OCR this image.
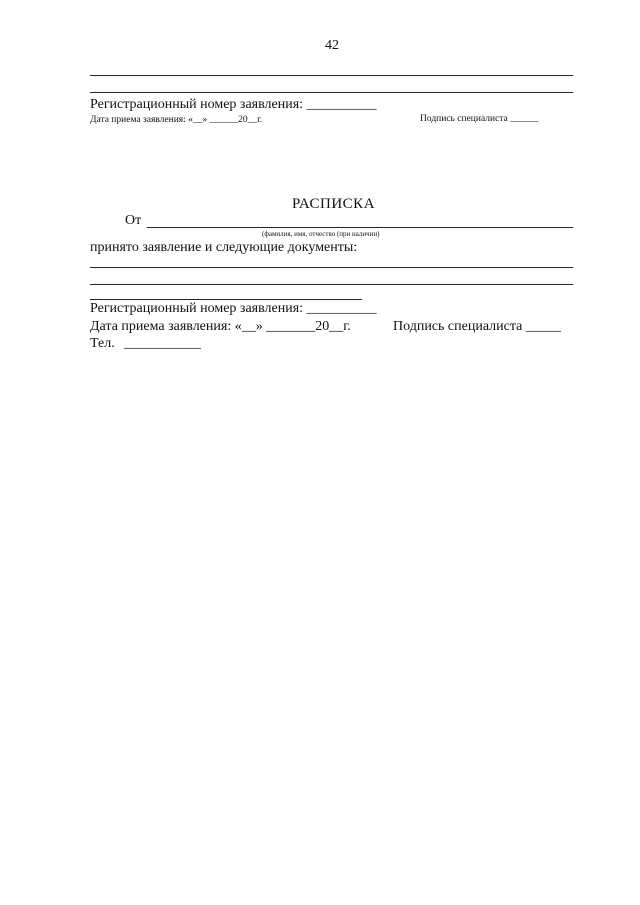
42
Регистрационный номер заявления: __________
Дата приема заявления: «__» ______20__г.	Подпись специалиста ______
РАСПИСКА
От
(фамилия, имя, отчество (при наличии)
принято заявление и следующие документы:
Регистрационный номер заявления: __________
Дата приема заявления: «__» _______20__г.	Подпись специалиста _____
Тел. ___________
